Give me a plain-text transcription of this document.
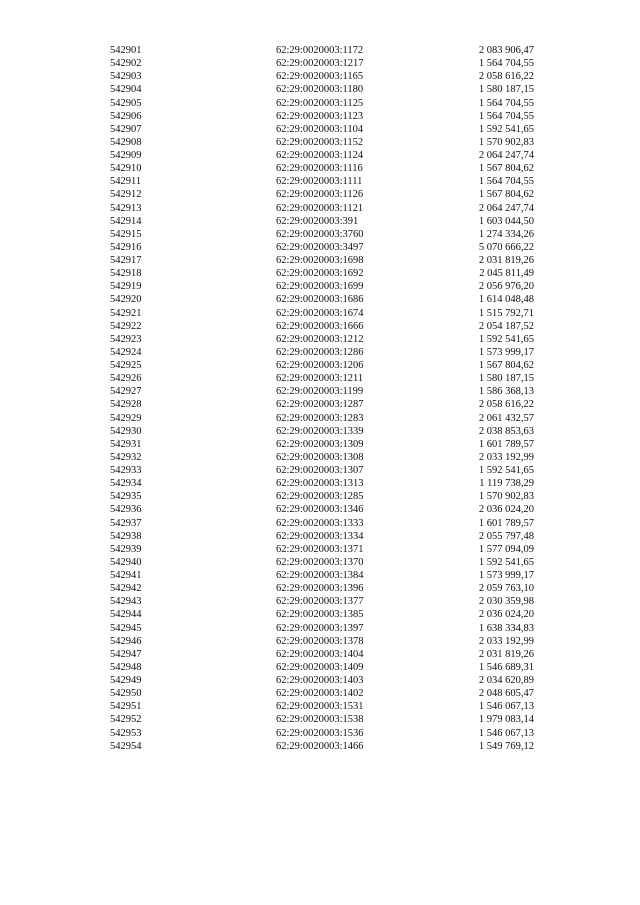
542901	62:29:0020003:1172	2 083 906,47
542902	62:29:0020003:1217	1 564 704,55
542903	62:29:0020003:1165	2 058 616,22
542904	62:29:0020003:1180	1 580 187,15
542905	62:29:0020003:1125	1 564 704,55
542906	62:29:0020003:1123	1 564 704,55
542907	62:29:0020003:1104	1 592 541,65
542908	62:29:0020003:1152	1 570 902,83
542909	62:29:0020003:1124	2 064 247,74
542910	62:29:0020003:1116	1 567 804,62
542911	62:29:0020003:1111	1 564 704,55
542912	62:29:0020003:1126	1 567 804,62
542913	62:29:0020003:1121	2 064 247,74
542914	62:29:0020003:391	1 603 044,50
542915	62:29:0020003:3760	1 274 334,26
542916	62:29:0020003:3497	5 070 666,22
542917	62:29:0020003:1698	2 031 819,26
542918	62:29:0020003:1692	2 045 811,49
542919	62:29:0020003:1699	2 056 976,20
542920	62:29:0020003:1686	1 614 048,48
542921	62:29:0020003:1674	1 515 792,71
542922	62:29:0020003:1666	2 054 187,52
542923	62:29:0020003:1212	1 592 541,65
542924	62:29:0020003:1286	1 573 999,17
542925	62:29:0020003:1206	1 567 804,62
542926	62:29:0020003:1211	1 580 187,15
542927	62:29:0020003:1199	1 586 368,13
542928	62:29:0020003:1287	2 058 616,22
542929	62:29:0020003:1283	2 061 432,57
542930	62:29:0020003:1339	2 038 853,63
542931	62:29:0020003:1309	1 601 789,57
542932	62:29:0020003:1308	2 033 192,99
542933	62:29:0020003:1307	1 592 541,65
542934	62:29:0020003:1313	1 119 738,29
542935	62:29:0020003:1285	1 570 902,83
542936	62:29:0020003:1346	2 036 024,20
542937	62:29:0020003:1333	1 601 789,57
542938	62:29:0020003:1334	2 055 797,48
542939	62:29:0020003:1371	1 577 094,09
542940	62:29:0020003:1370	1 592 541,65
542941	62:29:0020003:1384	1 573 999,17
542942	62:29:0020003:1396	2 059 763,10
542943	62:29:0020003:1377	2 030 359,98
542944	62:29:0020003:1385	2 036 024,20
542945	62:29:0020003:1397	1 638 334,83
542946	62:29:0020003:1378	2 033 192,99
542947	62:29:0020003:1404	2 031 819,26
542948	62:29:0020003:1409	1 546 689,31
542949	62:29:0020003:1403	2 034 620,89
542950	62:29:0020003:1402	2 048 605,47
542951	62:29:0020003:1531	1 546 067,13
542952	62:29:0020003:1538	1 979 083,14
542953	62:29:0020003:1536	1 546 067,13
542954	62:29:0020003:1466	1 549 769,12
